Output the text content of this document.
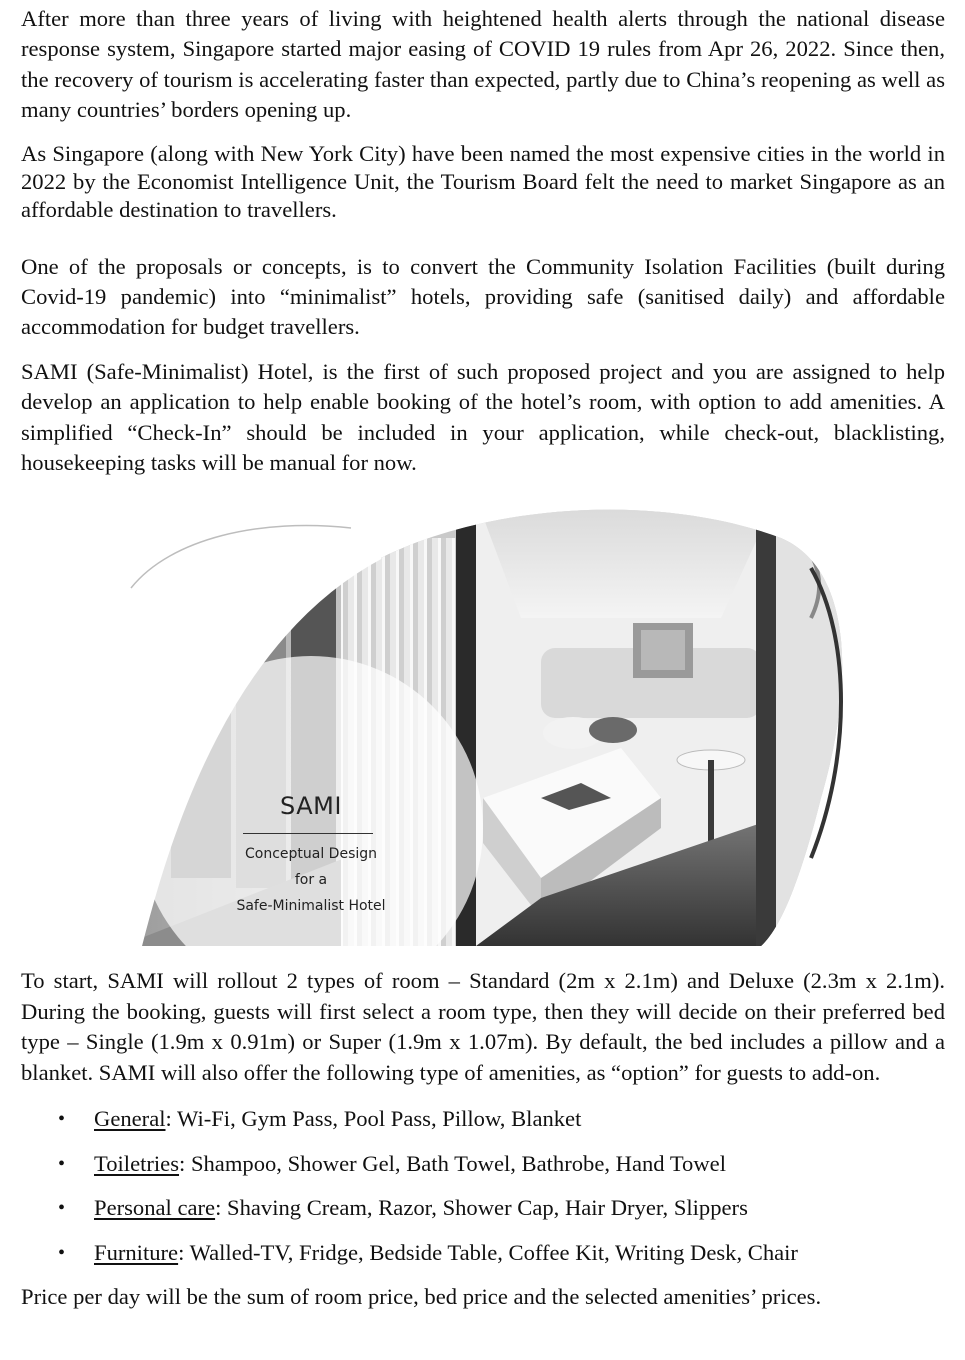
After more than three years of living with heightened health alerts through the national disease response system, Singapore started major easing of COVID 19 rules from Apr 26, 2022. Since then, the recovery of tourism is accelerating faster than expected, partly due to China’s reopening as well as many countries’ borders opening up.

As Singapore (along with New York City) have been named the most expensive cities in the world in 2022 by the Economist Intelligence Unit, the Tourism Board felt the need to market Singapore as an affordable destination to travellers.

One of the proposals or concepts, is to convert the Community Isolation Facilities (built during Covid-19 pandemic) into “minimalist” hotels, providing safe (sanitised daily) and affordable accommodation for budget travellers.

SAMI (Safe-Minimalist) Hotel, is the first of such proposed project and you are assigned to help develop an application to help enable booking of the hotel’s room, with option to add amenities. A simplified “Check-In” should be included in your application, while check-out, blacklisting, housekeeping tasks will be manual for now.

SAMI
Conceptual Design
for a
Safe-Minimalist Hotel

To start, SAMI will rollout 2 types of room – Standard (2m x 2.1m) and Deluxe (2.3m x 2.1m). During the booking, guests will first select a room type, then they will decide on their preferred bed type – Single (1.9m x 0.91m) or Super (1.9m x 1.07m). By default, the bed includes a pillow and a blanket. SAMI will also offer the following type of amenities, as “option” for guests to add-on.

• General: Wi-Fi, Gym Pass, Pool Pass, Pillow, Blanket
• Toiletries: Shampoo, Shower Gel, Bath Towel, Bathrobe, Hand Towel
• Personal care: Shaving Cream, Razor, Shower Cap, Hair Dryer, Slippers
• Furniture: Walled-TV, Fridge, Bedside Table, Coffee Kit, Writing Desk, Chair

Price per day will be the sum of room price, bed price and the selected amenities’ prices.
